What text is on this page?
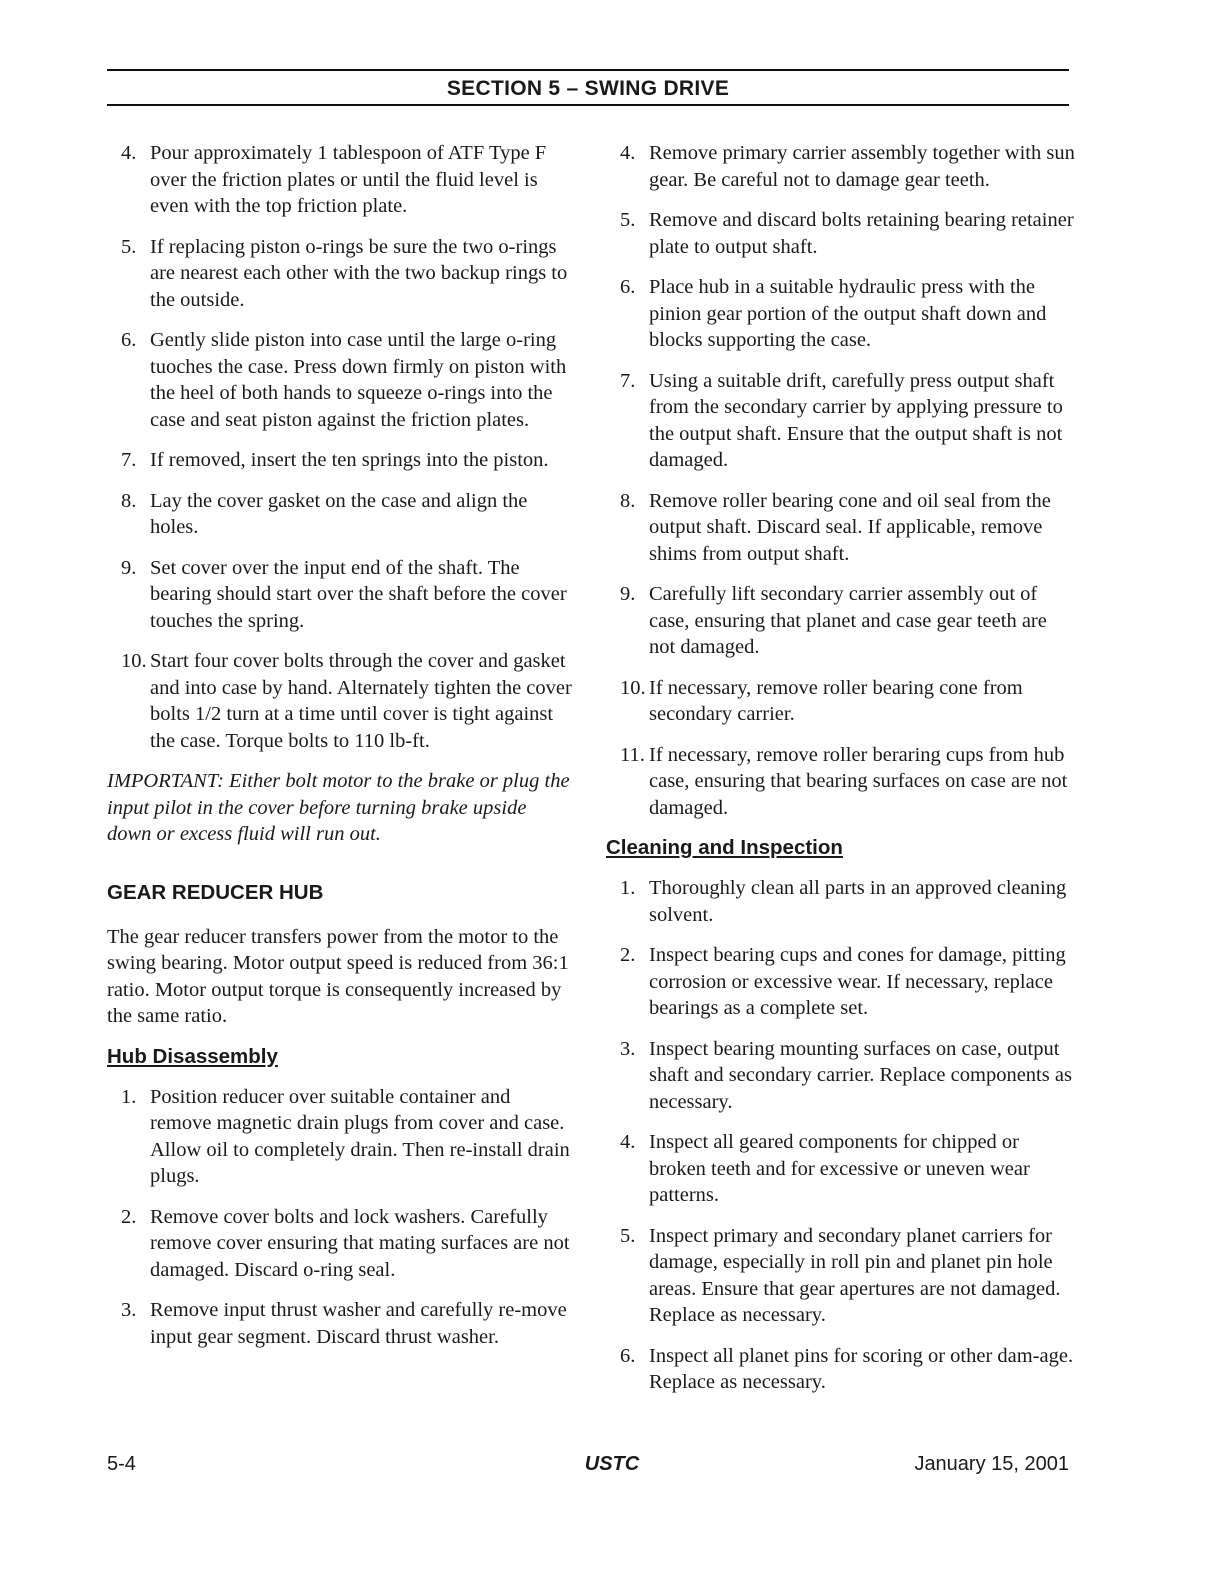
SECTION 5 – SWING DRIVE
4. Pour approximately 1 tablespoon of ATF Type F over the friction plates or until the fluid level is even with the top friction plate.
5. If replacing piston o-rings be sure the two o-rings are nearest each other with the two backup rings to the outside.
6. Gently slide piston into case until the large o-ring tuoches the case. Press down firmly on piston with the heel of both hands to squeeze o-rings into the case and seat piston against the friction plates.
7. If removed, insert the ten springs into the piston.
8. Lay the cover gasket on the case and align the holes.
9. Set cover over the input end of the shaft. The bearing should start over the shaft before the cover touches the spring.
10. Start four cover bolts through the cover and gasket and into case by hand. Alternately tighten the cover bolts 1/2 turn at a time until cover is tight against the case. Torque bolts to 110 lb-ft.

IMPORTANT: Either bolt motor to the brake or plug the input pilot in the cover before turning brake upside down or excess fluid will run out.

GEAR REDUCER HUB

The gear reducer transfers power from the motor to the swing bearing. Motor output speed is reduced from 36:1 ratio. Motor output torque is consequently increased by the same ratio.

Hub Disassembly
1. Position reducer over suitable container and remove magnetic drain plugs from cover and case. Allow oil to completely drain. Then re-install drain plugs.
2. Remove cover bolts and lock washers. Carefully remove cover ensuring that mating surfaces are not damaged. Discard o-ring seal.
3. Remove input thrust washer and carefully re-move input gear segment. Discard thrust washer.
4. Remove primary carrier assembly together with sun gear. Be careful not to damage gear teeth.
5. Remove and discard bolts retaining bearing retainer plate to output shaft.
6. Place hub in a suitable hydraulic press with the pinion gear portion of the output shaft down and blocks supporting the case.
7. Using a suitable drift, carefully press output shaft from the secondary carrier by applying pressure to the output shaft. Ensure that the output shaft is not damaged.
8. Remove roller bearing cone and oil seal from the output shaft. Discard seal. If applicable, remove shims from output shaft.
9. Carefully lift secondary carrier assembly out of case, ensuring that planet and case gear teeth are not damaged.
10. If necessary, remove roller bearing cone from secondary carrier.
11. If necessary, remove roller beraring cups from hub case, ensuring that bearing surfaces on case are not damaged.
Cleaning and Inspection
1. Thoroughly clean all parts in an approved cleaning solvent.
2. Inspect bearing cups and cones for damage, pitting corrosion or excessive wear. If necessary, replace bearings as a complete set.
3. Inspect bearing mounting surfaces on case, output shaft and secondary carrier. Replace components as necessary.
4. Inspect all geared components for chipped or broken teeth and for excessive or uneven wear patterns.
5. Inspect primary and secondary planet carriers for damage, especially in roll pin and planet pin hole areas. Ensure that gear apertures are not damaged. Replace as necessary.
6. Inspect all planet pins for scoring or other dam-age. Replace as necessary.
5-4	USTC	January 15, 2001
